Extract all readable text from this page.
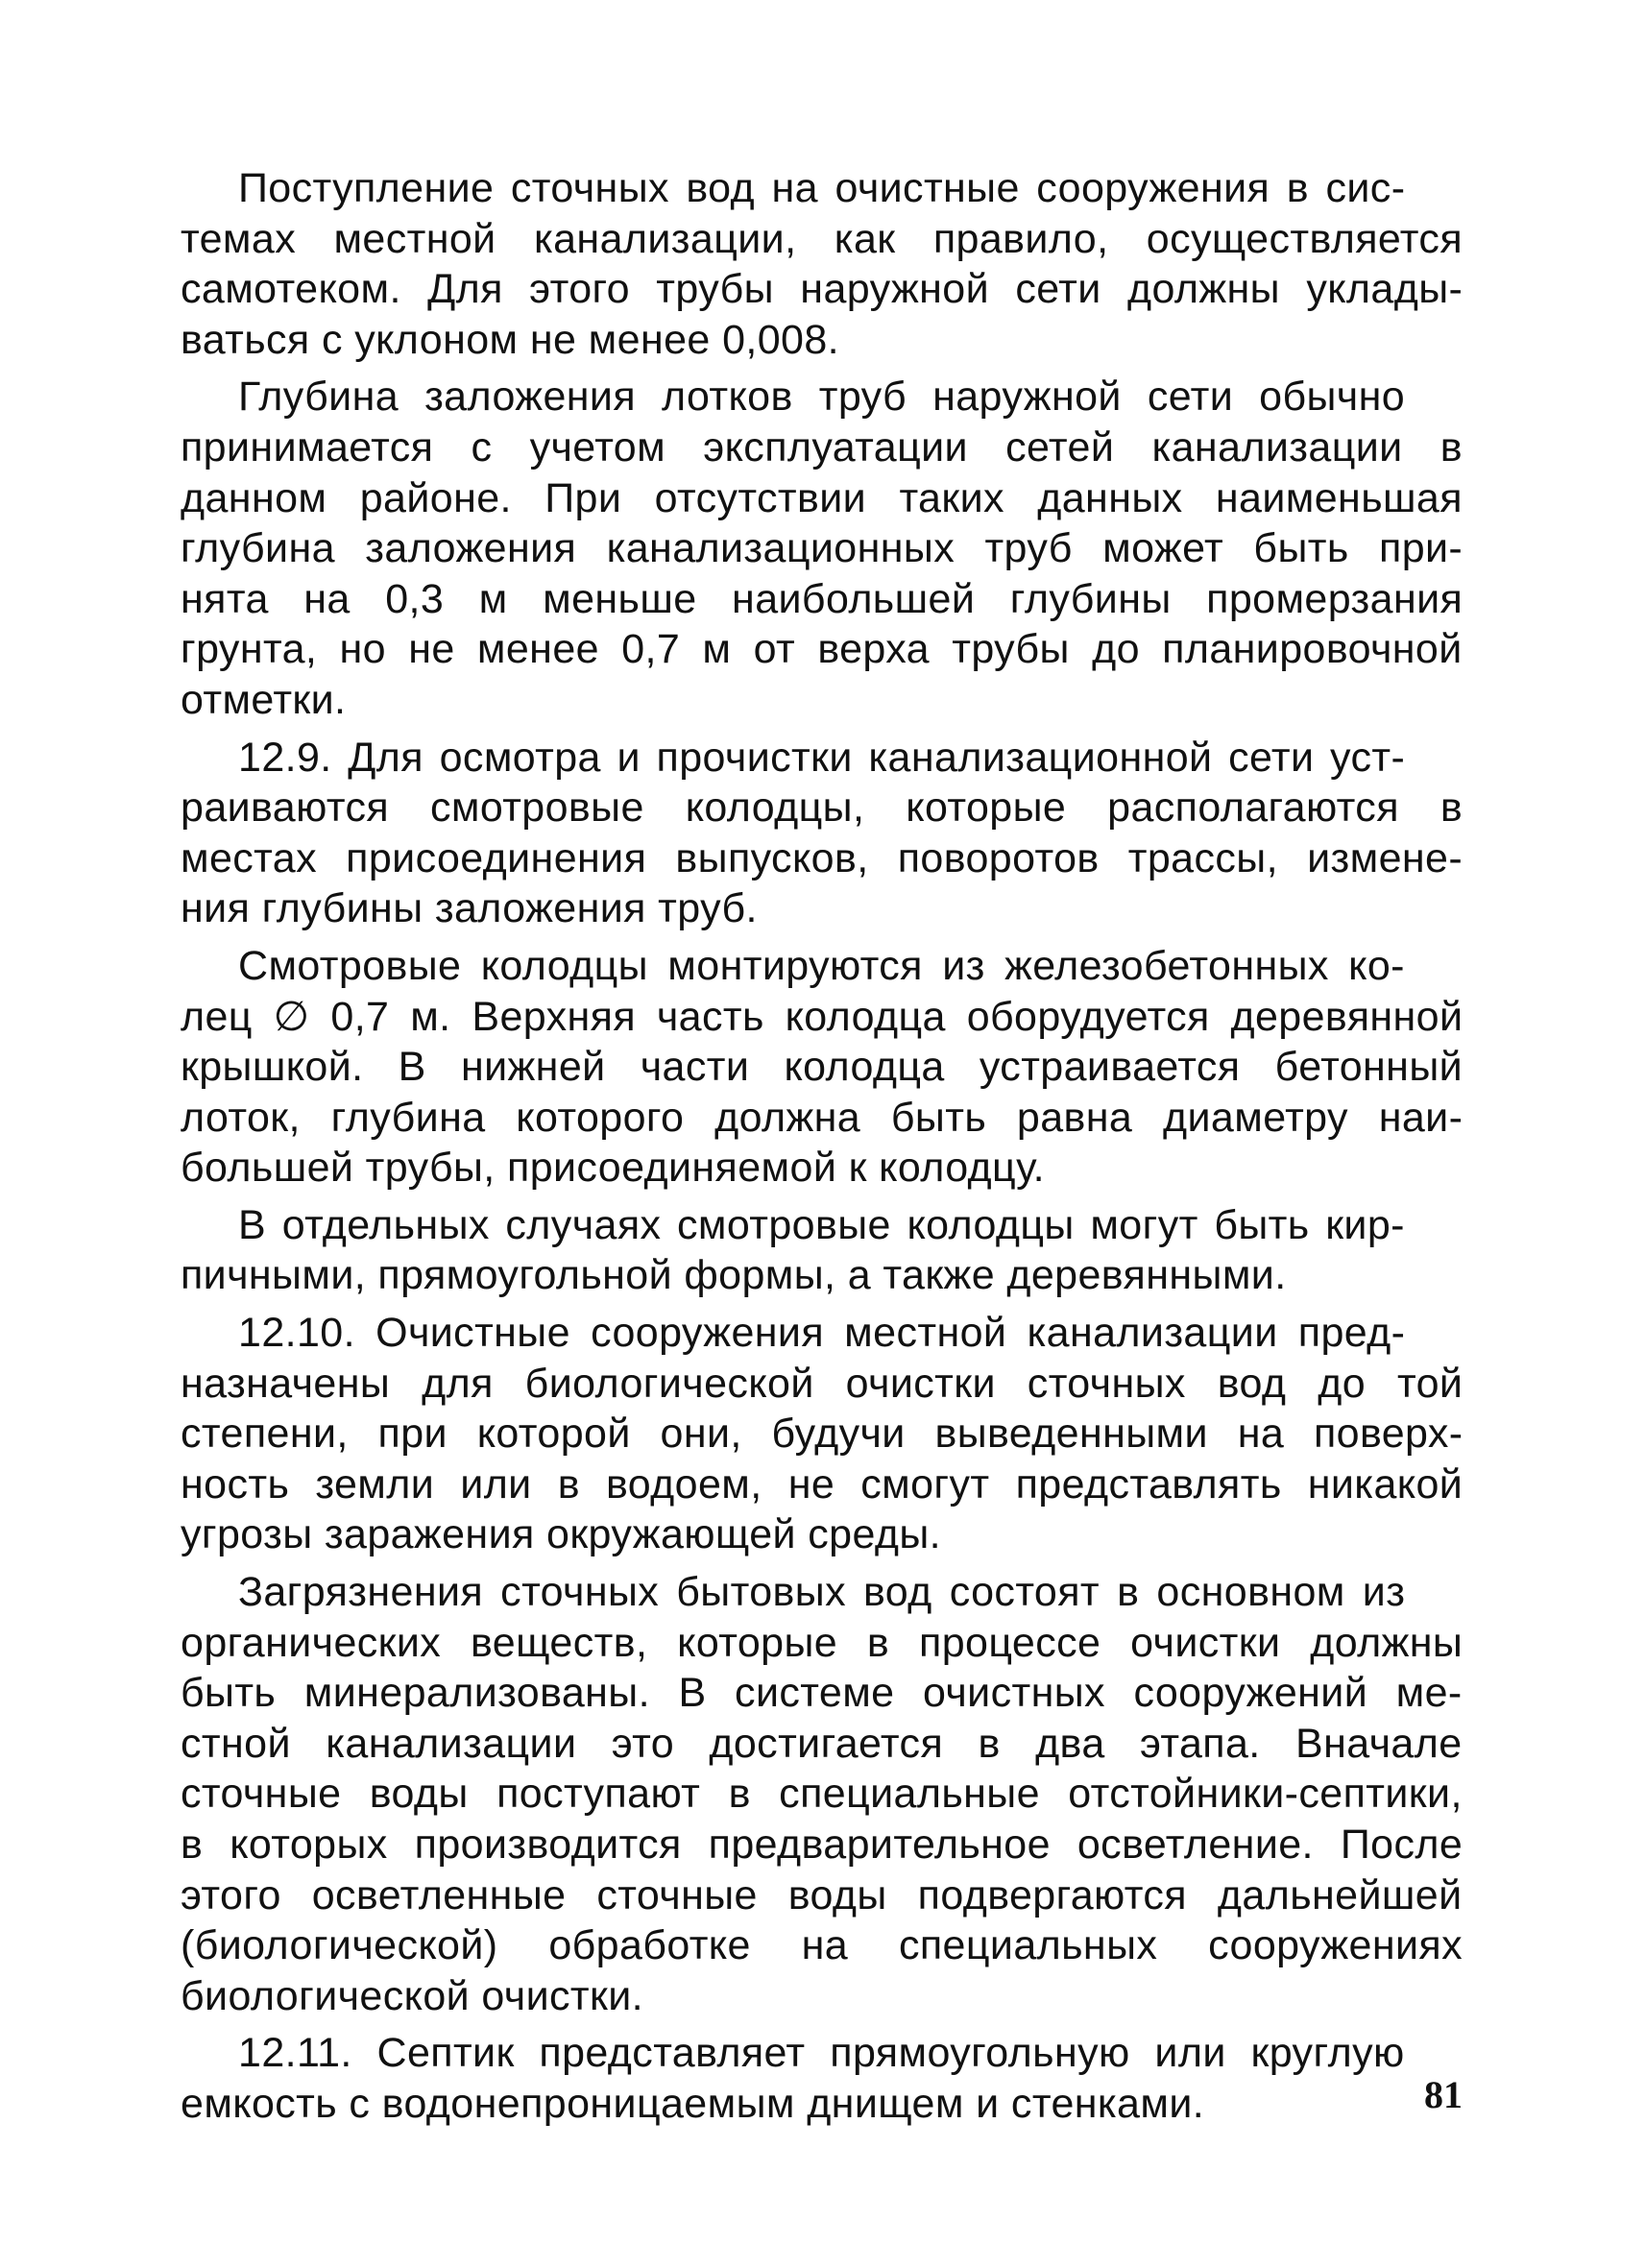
Поступление сточных вод на очистные сооружения в сис-
темах местной канализации, как правило, осуществляется
самотеком. Для этого трубы наружной сети должны уклады-
ваться с уклоном не менее 0,008.
Глубина заложения лотков труб наружной сети обычно
принимается с учетом эксплуатации сетей канализации в
данном районе. При отсутствии таких данных наименьшая
глубина заложения канализационных труб может быть при-
нята на 0,3 м меньше наибольшей глубины промерзания
грунта, но не менее 0,7 м от верха трубы до планировочной
отметки.
12.9. Для осмотра и прочистки канализационной сети уст-
раиваются смотровые колодцы, которые располагаются в
местах присоединения выпусков, поворотов трассы, измене-
ния глубины заложения труб.
Смотровые колодцы монтируются из железобетонных ко-
лец ∅ 0,7 м. Верхняя часть колодца оборудуется деревянной
крышкой. В нижней части колодца устраивается бетонный
лоток, глубина которого должна быть равна диаметру наи-
большей трубы, присоединяемой к колодцу.
В отдельных случаях смотровые колодцы могут быть кир-
пичными, прямоугольной формы, а также деревянными.
12.10. Очистные сооружения местной канализации пред-
назначены для биологической очистки сточных вод до той
степени, при которой они, будучи выведенными на поверх-
ность земли или в водоем, не смогут представлять никакой
угрозы заражения окружающей среды.
Загрязнения сточных бытовых вод состоят в основном из
органических веществ, которые в процессе очистки должны
быть минерализованы. В системе очистных сооружений ме-
стной канализации это достигается в два этапа. Вначале
сточные воды поступают в специальные отстойники-септики,
в которых производится предварительное осветление. После
этого осветленные сточные воды подвергаются дальнейшей
(биологической) обработке на специальных сооружениях
биологической очистки.
12.11. Септик представляет прямоугольную или круглую
емкость с водонепроницаемым днищем и стенками.	81
